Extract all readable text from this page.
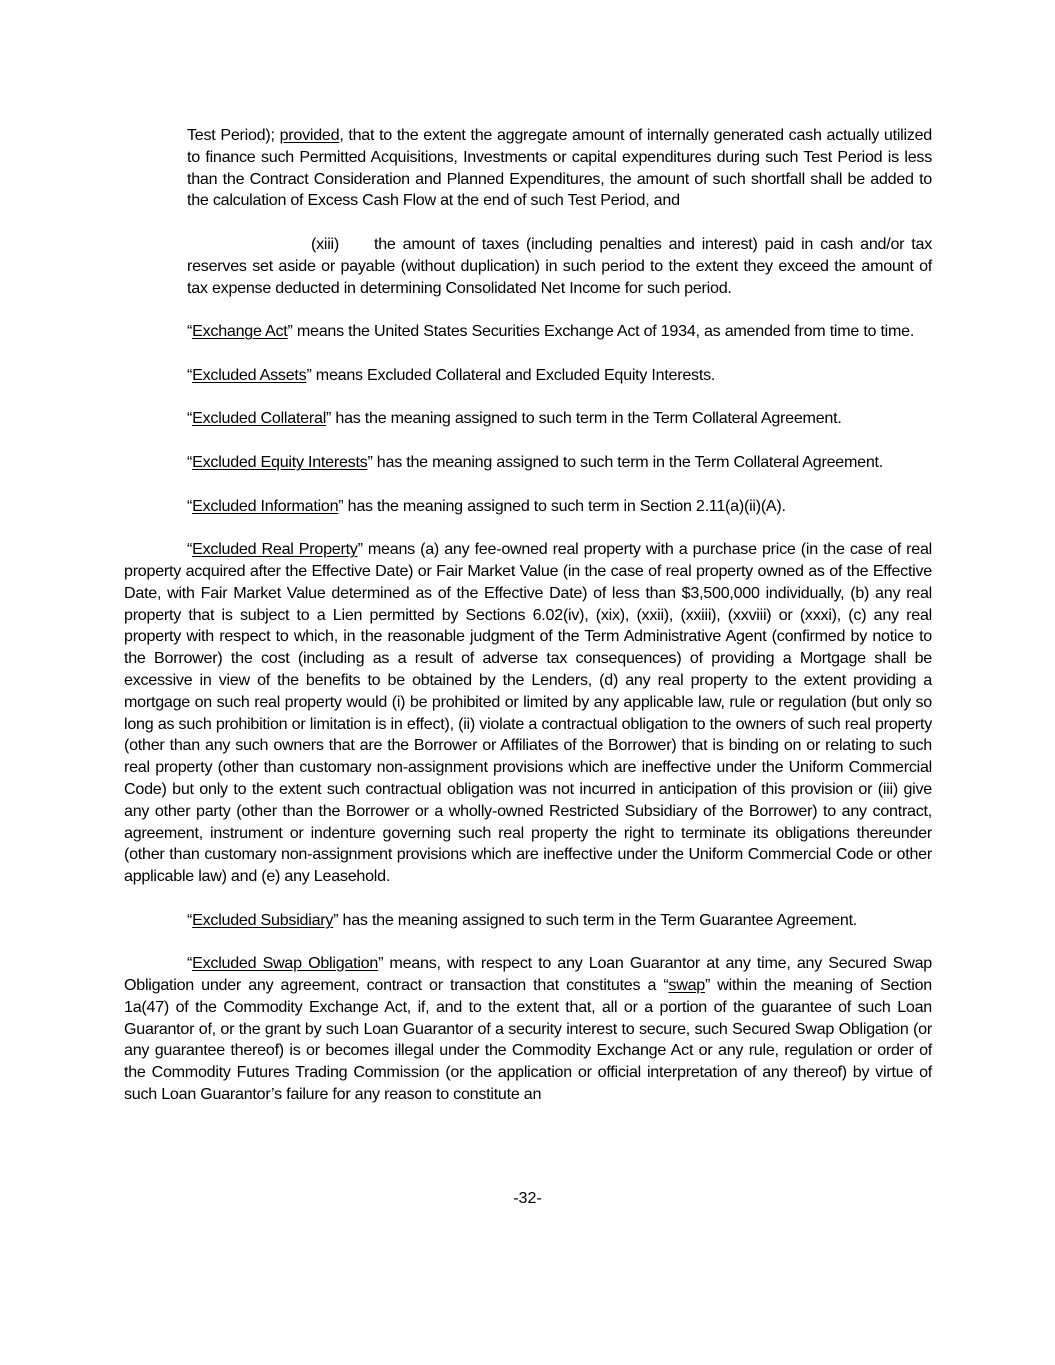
Test Period); provided, that to the extent the aggregate amount of internally generated cash actually utilized to finance such Permitted Acquisitions, Investments or capital expenditures during such Test Period is less than the Contract Consideration and Planned Expenditures, the amount of such shortfall shall be added to the calculation of Excess Cash Flow at the end of such Test Period, and

(xiii) the amount of taxes (including penalties and interest) paid in cash and/or tax reserves set aside or payable (without duplication) in such period to the extent they exceed the amount of tax expense deducted in determining Consolidated Net Income for such period.

“Exchange Act” means the United States Securities Exchange Act of 1934, as amended from time to time.

“Excluded Assets” means Excluded Collateral and Excluded Equity Interests.

“Excluded Collateral” has the meaning assigned to such term in the Term Collateral Agreement.

“Excluded Equity Interests” has the meaning assigned to such term in the Term Collateral Agreement.

“Excluded Information” has the meaning assigned to such term in Section 2.11(a)(ii)(A).

“Excluded Real Property” means (a) any fee-owned real property with a purchase price (in the case of real property acquired after the Effective Date) or Fair Market Value (in the case of real property owned as of the Effective Date, with Fair Market Value determined as of the Effective Date) of less than $3,500,000 individually, (b) any real property that is subject to a Lien permitted by Sections 6.02(iv), (xix), (xxii), (xxiii), (xxviii) or (xxxi), (c) any real property with respect to which, in the reasonable judgment of the Term Administrative Agent (confirmed by notice to the Borrower) the cost (including as a result of adverse tax consequences) of providing a Mortgage shall be excessive in view of the benefits to be obtained by the Lenders, (d) any real property to the extent providing a mortgage on such real property would (i) be prohibited or limited by any applicable law, rule or regulation (but only so long as such prohibition or limitation is in effect), (ii) violate a contractual obligation to the owners of such real property (other than any such owners that are the Borrower or Affiliates of the Borrower) that is binding on or relating to such real property (other than customary non-assignment provisions which are ineffective under the Uniform Commercial Code) but only to the extent such contractual obligation was not incurred in anticipation of this provision or (iii) give any other party (other than the Borrower or a wholly-owned Restricted Subsidiary of the Borrower) to any contract, agreement, instrument or indenture governing such real property the right to terminate its obligations thereunder (other than customary non-assignment provisions which are ineffective under the Uniform Commercial Code or other applicable law) and (e) any Leasehold.

“Excluded Subsidiary” has the meaning assigned to such term in the Term Guarantee Agreement.

“Excluded Swap Obligation” means, with respect to any Loan Guarantor at any time, any Secured Swap Obligation under any agreement, contract or transaction that constitutes a “swap” within the meaning of Section 1a(47) of the Commodity Exchange Act, if, and to the extent that, all or a portion of the guarantee of such Loan Guarantor of, or the grant by such Loan Guarantor of a security interest to secure, such Secured Swap Obligation (or any guarantee thereof) is or becomes illegal under the Commodity Exchange Act or any rule, regulation or order of the Commodity Futures Trading Commission (or the application or official interpretation of any thereof) by virtue of such Loan Guarantor’s failure for any reason to constitute an

-32-
